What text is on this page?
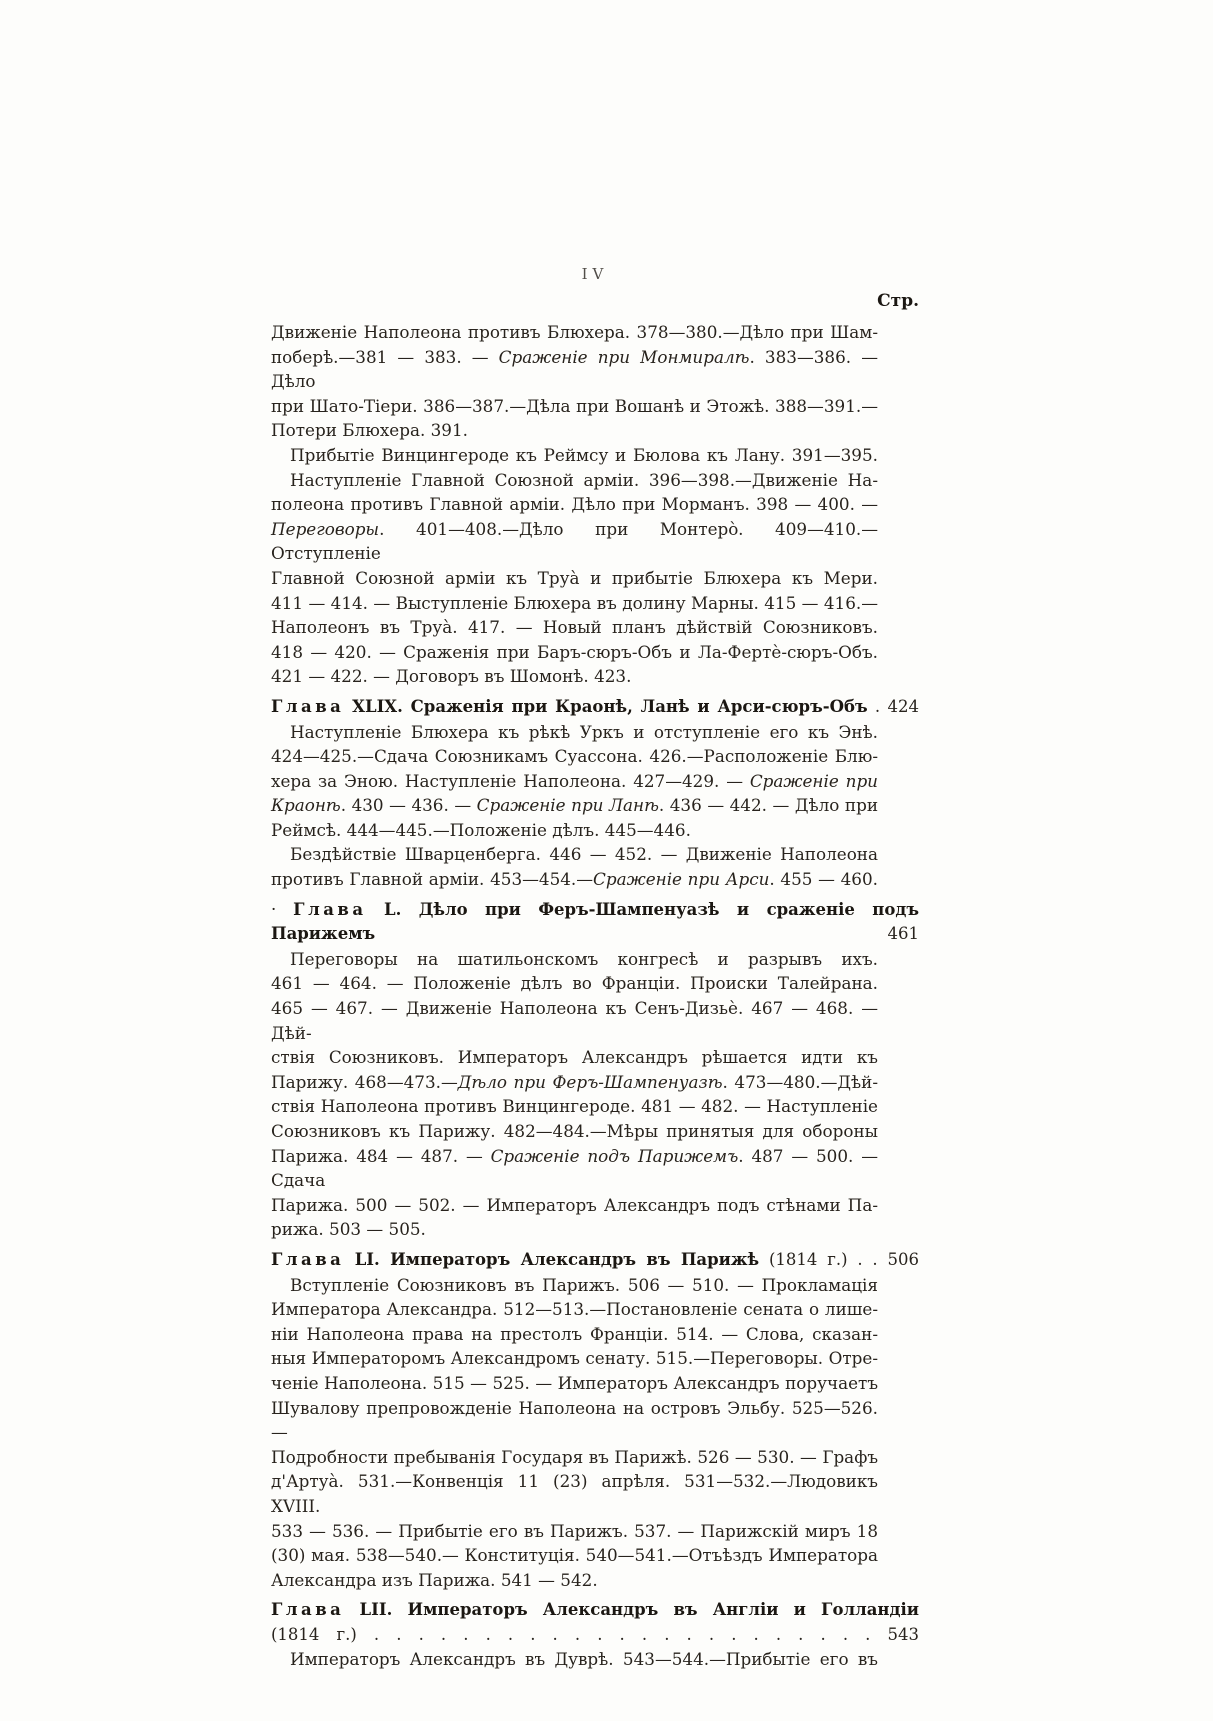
IV
Стр.
Движеніе Наполеона противъ Блюхера. 378—380.—Дѣло при Шам-
поберѣ.—381 — 383. — Сраженіе при Монмиралѣ. 383—386. — Дѣло
при Шато-Тіери. 386—387.—Дѣла при Вошанѣ и Этожѣ. 388—391.—
Потери Блюхера. 391.
Прибытіе Винцингероде къ Реймсу и Бюлова къ Лану. 391—395.
Наступленіе Главной Союзной арміи. 396—398.—Движеніе На-
полеона противъ Главной арміи. Дѣло при Морманъ. 398 — 400. —
Переговоры. 401—408.—Дѣло при Монтерò. 409—410.—Отступленіе
Главной Союзной арміи къ Труà и прибытіе Блюхера къ Мери.
411 — 414. — Выступленіе Блюхера въ долину Марны. 415 — 416.—
Наполеонъ въ Труà. 417. — Новый планъ дѣйствій Союзниковъ.
418 — 420. — Сраженія при Баръ-сюръ-Объ и Ла-Фертè-сюръ-Объ.
421 — 422. — Договоръ въ Шомонѣ. 423.
Глава XLIX. Сраженія при Краонѣ, Ланѣ и Арси-сюръ-Объ . 424
Наступленіе Блюхера къ рѣкѣ Уркъ и отступленіе его къ Энѣ.
424—425.—Сдача Союзникамъ Суассона. 426.—Расположеніе Блю-
хера за Эною. Наступленіе Наполеона. 427—429. — Сраженіе при
Краонѣ. 430 — 436. — Сраженіе при Ланѣ. 436 — 442. — Дѣло при
Реймсѣ. 444—445.—Положеніе дѣлъ. 445—446.
Бездѣйствіе Шварценберга. 446 — 452. — Движеніе Наполеона
противъ Главной арміи. 453—454.—Сраженіе при Арси. 455 — 460.
· Глава L. Дѣло при Феръ-Шампенуазѣ и сраженіе подъ Парижемъ	461
Переговоры на шатильонскомъ конгресѣ и разрывъ ихъ.
461 — 464. — Положеніе дѣлъ во Франціи. Происки Талейрана.
465 — 467. — Движеніе Наполеона къ Сенъ-Дизьè. 467 — 468. — Дѣй-
ствія Союзниковъ. Императоръ Александръ рѣшается идти къ
Парижу. 468—473.—Дѣло при Феръ-Шампенуазѣ. 473—480.—Дѣй-
ствія Наполеона противъ Винцингероде. 481 — 482. — Наступленіе
Союзниковъ къ Парижу. 482—484.—Мѣры принятыя для обороны
Парижа. 484 — 487. — Сраженіе подъ Парижемъ. 487 — 500. — Сдача
Парижа. 500 — 502. — Императоръ Александръ подъ стѣнами Па-
рижа. 503 — 505.
Глава LI. Императоръ Александръ въ Парижѣ (1814 г.) . . 506
Вступленіе Союзниковъ въ Парижъ. 506 — 510. — Прокламація
Императора Александра. 512—513.—Постановленіе сената о лише-
ніи Наполеона права на престолъ Франціи. 514. — Слова, сказан-
ныя Императоромъ Александромъ сенату. 515.—Переговоры. Отре-
ченіе Наполеона. 515 — 525. — Императоръ Александръ поручаетъ
Шувалову препровожденіе Наполеона на островъ Эльбу. 525—526.—
Подробности пребыванія Государя въ Парижѣ. 526 — 530. — Графъ
д'Артуà. 531.—Конвенція 11 (23) апрѣля. 531—532.—Людовикъ XVIII.
533 — 536. — Прибытіе его въ Парижъ. 537. — Парижскій миръ 18
(30) мая. 538—540.— Конституція. 540—541.—Отъѣздъ Императора
Александра изъ Парижа. 541 — 542.
Глава LII. Императоръ Александръ въ Англіи и Голландіи
(1814 г.) . . . . . . . . . . . . . . . . . . . . . . . 543
Императоръ Александръ въ Дуврѣ. 543—544.—Прибытіе его въ
